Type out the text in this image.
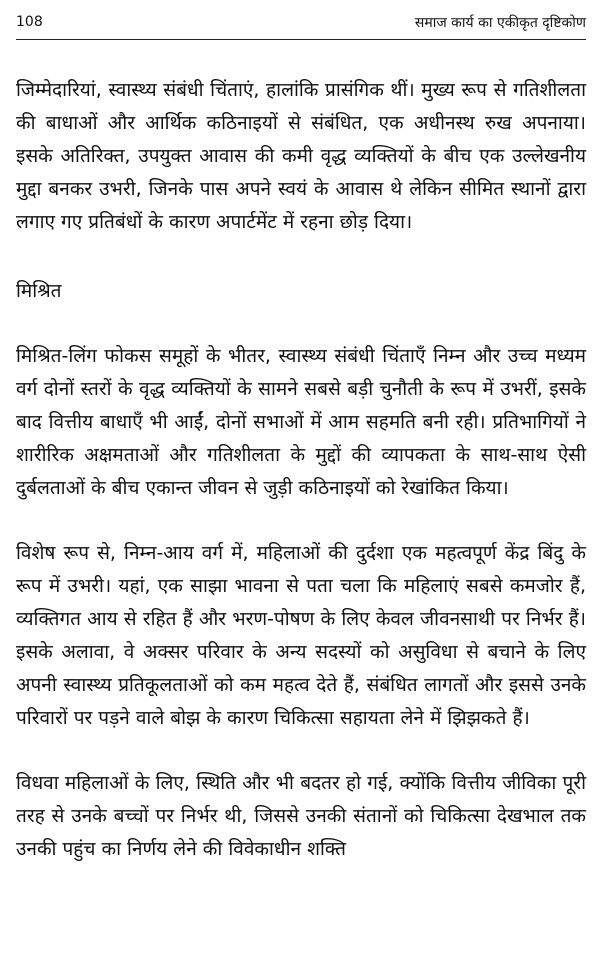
108	समाज कार्य का एकीकृत दृष्टिकोण

जिम्मेदारियां, स्वास्थ्य संबंधी चिंताएं, हालांकि प्रासंगिक थीं। मुख्य रूप से गतिशीलता की बाधाओं और आर्थिक कठिनाइयों से संबंधित, एक अधीनस्थ रुख अपनाया। इसके अतिरिक्त, उपयुक्त आवास की कमी वृद्ध व्यक्तियों के बीच एक उल्लेखनीय मुद्दा बनकर उभरी, जिनके पास अपने स्वयं के आवास थे लेकिन सीमित स्थानों द्वारा लगाए गए प्रतिबंधों के कारण अपार्टमेंट में रहना छोड़ दिया।

मिश्रित

मिश्रित-लिंग फोकस समूहों के भीतर, स्वास्थ्य संबंधी चिंताएँ निम्न और उच्च मध्यम वर्ग दोनों स्तरों के वृद्ध व्यक्तियों के सामने सबसे बड़ी चुनौती के रूप में उभरीं, इसके बाद वित्तीय बाधाएँ भी आईं, दोनों सभाओं में आम सहमति बनी रही। प्रतिभागियों ने शारीरिक अक्षमताओं और गतिशीलता के मुद्दों की व्यापकता के साथ-साथ ऐसी दुर्बलताओं के बीच एकान्त जीवन से जुड़ी कठिनाइयों को रेखांकित किया।

विशेष रूप से, निम्न-आय वर्ग में, महिलाओं की दुर्दशा एक महत्वपूर्ण केंद्र बिंदु के रूप में उभरी। यहां, एक साझा भावना से पता चला कि महिलाएं सबसे कमजोर हैं, व्यक्तिगत आय से रहित हैं और भरण-पोषण के लिए केवल जीवनसाथी पर निर्भर हैं। इसके अलावा, वे अक्सर परिवार के अन्य सदस्यों को असुविधा से बचाने के लिए अपनी स्वास्थ्य प्रतिकूलताओं को कम महत्व देते हैं, संबंधित लागतों और इससे उनके परिवारों पर पड़ने वाले बोझ के कारण चिकित्सा सहायता लेने में झिझकते हैं।

विधवा महिलाओं के लिए, स्थिति और भी बदतर हो गई, क्योंकि वित्तीय जीविका पूरी तरह से उनके बच्चों पर निर्भर थी, जिससे उनकी संतानों को चिकित्सा देखभाल तक उनकी पहुंच का निर्णय लेने की विवेकाधीन शक्ति
